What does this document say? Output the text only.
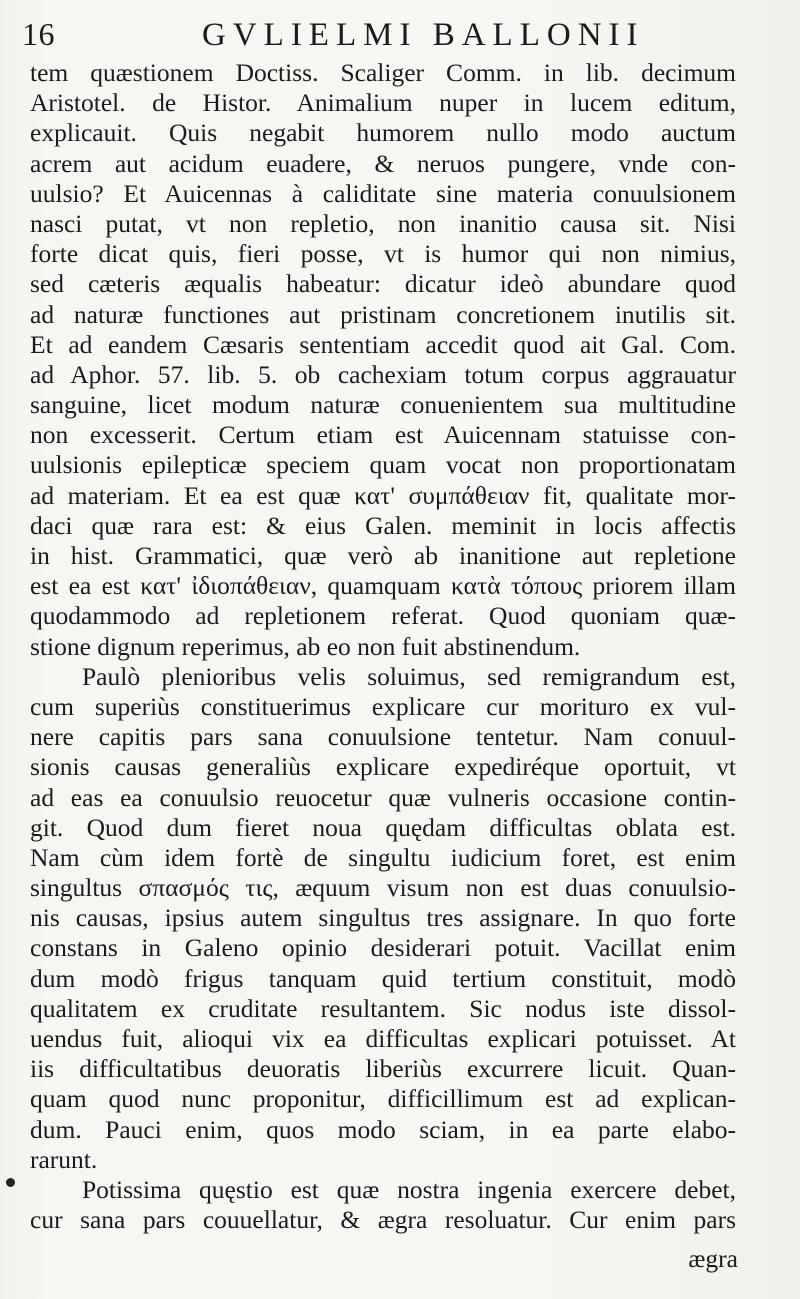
16	GVLIELMI BALLONII
tem quæstionem Doctiss. Scaliger Comm. in lib. decimum
Aristotel. de Histor. Animalium nuper in lucem editum,
explicauit. Quis negabit humorem nullo modo auctum
acrem aut acidum euadere, & neruos pungere, vnde con-
uulsio? Et Auicennas à caliditate sine materia conuulsionem
nasci putat, vt non repletio, non inanitio causa sit. Nisi
forte dicat quis, fieri posse, vt is humor qui non nimius,
sed cæteris æqualis habeatur: dicatur ideò abundare quod
ad naturæ functiones aut pristinam concretionem inutilis sit.
Et ad eandem Cæsaris sententiam accedit quod ait Gal. Com.
ad Aphor. 57. lib. 5. ob cachexiam totum corpus aggrauatur
sanguine, licet modum naturæ conuenientem sua multitudine
non excesserit. Certum etiam est Auicennam statuisse con-
uulsionis epilepticæ speciem quam vocat non proportionatam
ad materiam. Et ea est quæ κατ' συμπάθειαν fit, qualitate mor-
daci quæ rara est: & eius Galen. meminit in locis affectis
in hist. Grammatici, quæ verò ab inanitione aut repletione
est ea est κατ' ἰδιοπάθειαν, quamquam κατὰ τόπους priorem illam
quodammodo ad repletionem referat. Quod quoniam quæ-
stione dignum reperimus, ab eo non fuit abstinendum.
Paulò plenioribus velis soluimus, sed remigrandum est,
cum superiùs constituerimus explicare cur morituro ex vul-
nere capitis pars sana conuulsione tentetur. Nam conuul-
sionis causas generaliùs explicare expediréque oportuit, vt
ad eas ea conuulsio reuocetur quæ vulneris occasione contin-
git. Quod dum fieret noua quędam difficultas oblata est.
Nam cùm idem fortè de singultu iudicium foret, est enim
singultus σπασμός τις, æquum visum non est duas conuulsio-
nis causas, ipsius autem singultus tres assignare. In quo forte
constans in Galeno opinio desiderari potuit. Vacillat enim
dum modò frigus tanquam quid tertium constituit, modò
qualitatem ex cruditate resultantem. Sic nodus iste dissol-
uendus fuit, alioqui vix ea difficultas explicari potuisset. At
iis difficultatibus deuoratis liberiùs excurrere licuit. Quan-
quam quod nunc proponitur, difficillimum est ad explican-
dum. Pauci enim, quos modo sciam, in ea parte elabo-
rarunt.
Potissima quęstio est quæ nostra ingenia exercere debet,
cur sana pars couuellatur, & ægra resoluatur. Cur enim pars
ægra
